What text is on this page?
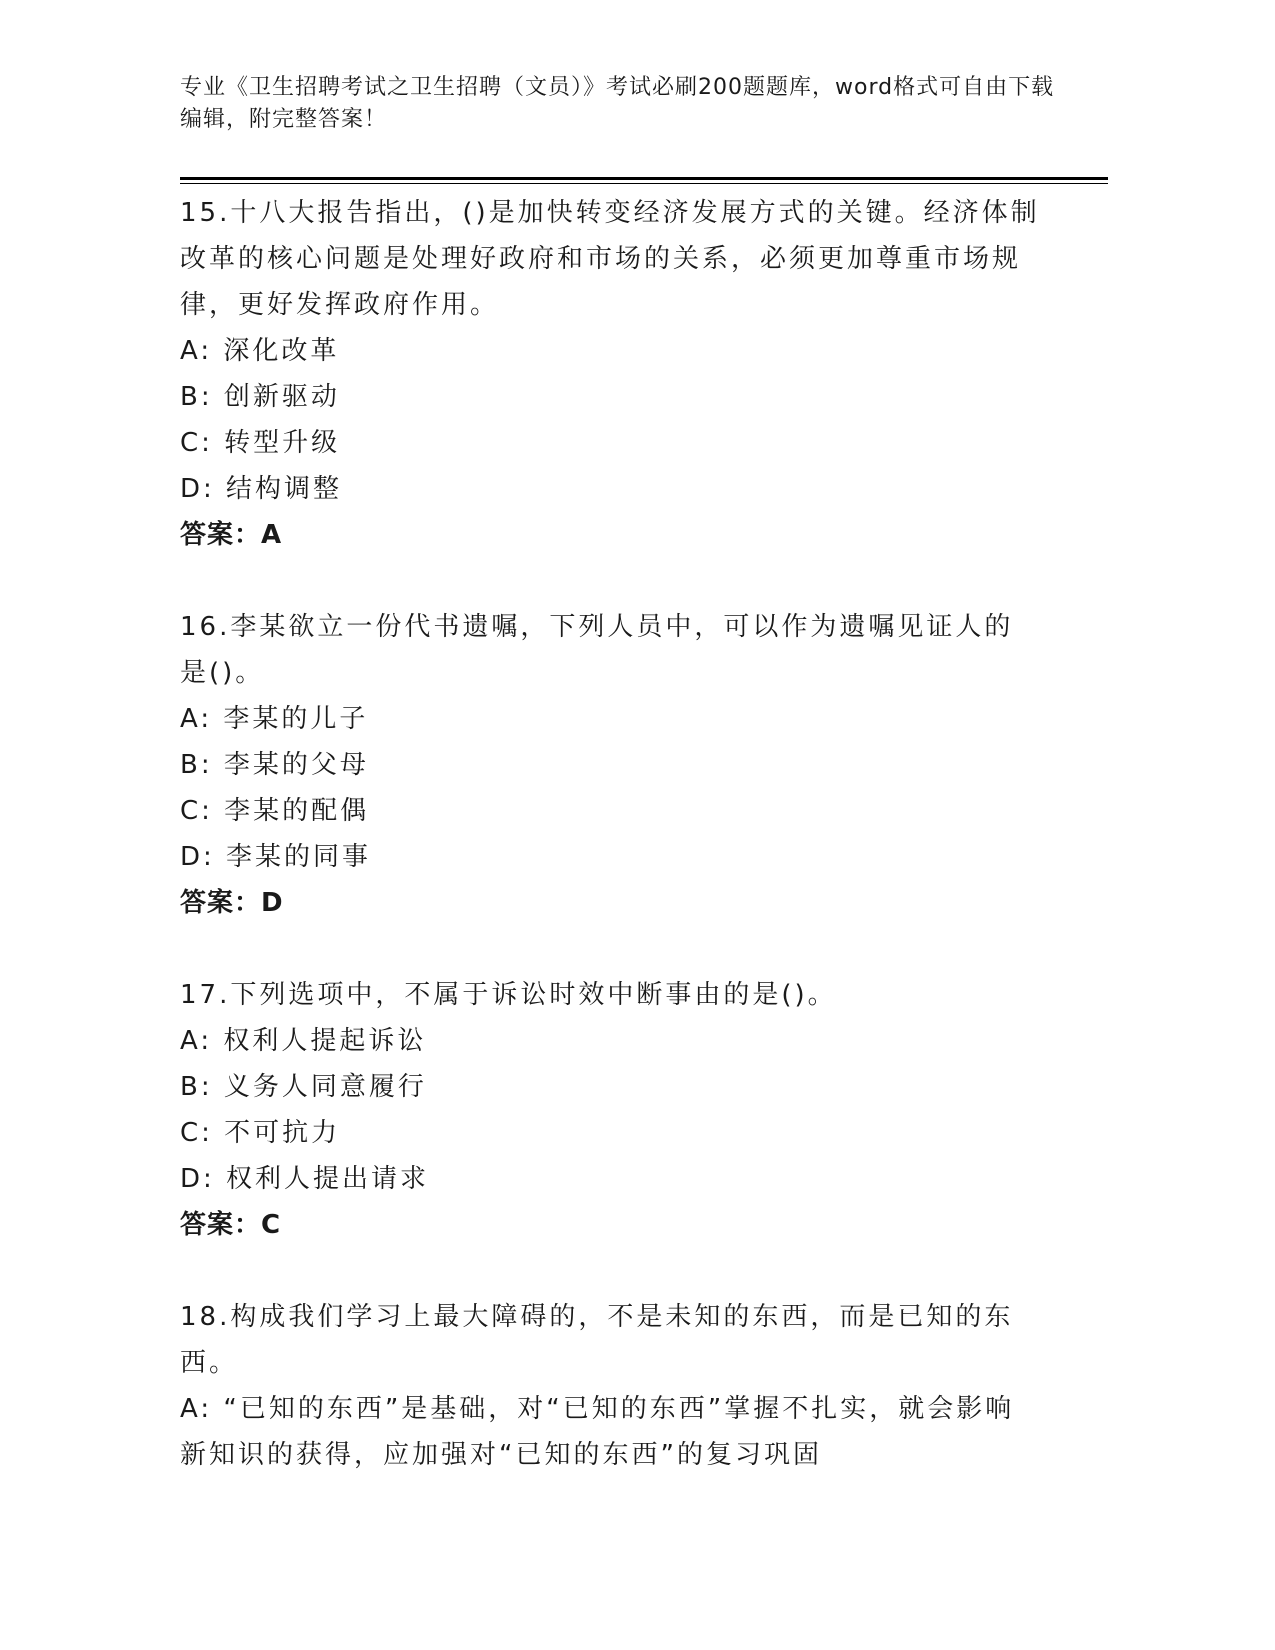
专业《卫生招聘考试之卫生招聘（文员）》考试必刷200题题库，word格式可自由下载编辑，附完整答案！
15.十八大报告指出，()是加快转变经济发展方式的关键。经济体制改革的核心问题是处理好政府和市场的关系，必须更加尊重市场规律，更好发挥政府作用。
A: 深化改革
B: 创新驱动
C: 转型升级
D: 结构调整
答案：A
16.李某欲立一份代书遗嘱，下列人员中，可以作为遗嘱见证人的是()。
A: 李某的儿子
B: 李某的父母
C: 李某的配偶
D: 李某的同事
答案：D
17.下列选项中，不属于诉讼时效中断事由的是()。
A: 权利人提起诉讼
B: 义务人同意履行
C: 不可抗力
D: 权利人提出请求
答案：C
18.构成我们学习上最大障碍的，不是未知的东西，而是已知的东西。
A: “已知的东西”是基础，对“已知的东西”掌握不扎实，就会影响新知识的获得，应加强对“已知的东西”的复习巩固
